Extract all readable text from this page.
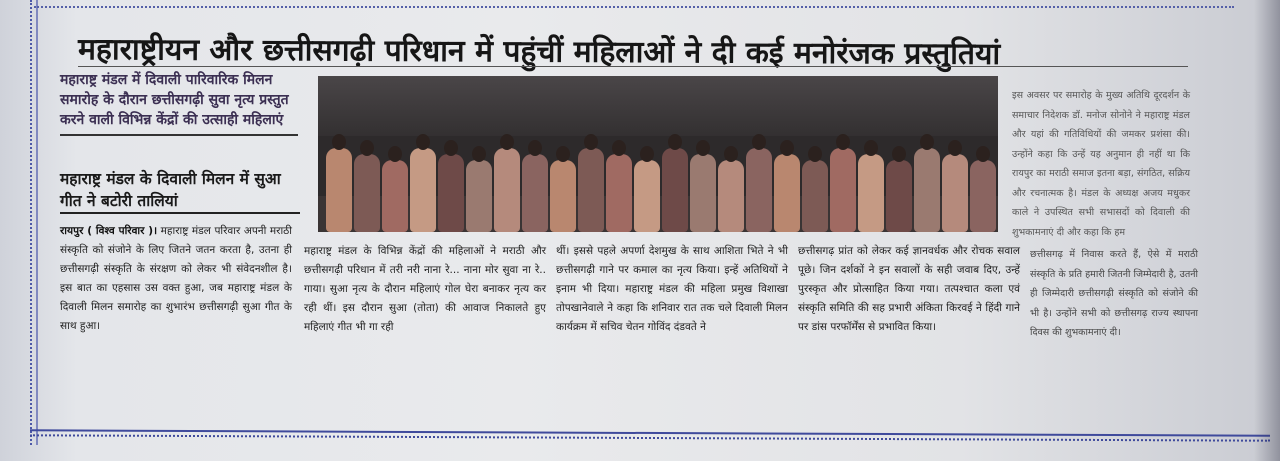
महाराष्ट्रीयन और छत्तीसगढ़ी परिधान में पहुंचीं महिलाओं ने दी कई मनोरंजक प्रस्तुतियां
महाराष्ट्र मंडल में दिवाली पारिवारिक मिलन समारोह के दौरान छत्तीसगढ़ी सुवा नृत्य प्रस्तुत करने वाली विभिन्न केंद्रों की उत्साही महिलाएं
महाराष्ट्र मंडल के दिवाली मिलन में सुआ गीत ने बटोरी तालियां

रायपुर ( विश्व परिवार )। महाराष्ट्र मंडल परिवार अपनी मराठी संस्कृति को संजोने के लिए जितने जतन करता है, उतना ही छत्तीसगढ़ी संस्कृति के संरक्षण को लेकर भी संवेदनशील है। इस बात का एहसास उस वक्त हुआ, जब महाराष्ट्र मंडल के दिवाली मिलन समारोह का शुभारंभ छत्तीसगढ़ी सुआ गीत के साथ हुआ।

महाराष्ट्र मंडल के विभिन्न केंद्रों की महिलाओं ने मराठी और छत्तीसगढ़ी परिधान में तरी नरी नाना रे... नाना मोर सुवा ना रे.. गाया। सुआ नृत्य के दौरान महिलाएं गोल घेरा बनाकर नृत्य कर रही थीं। इस दौरान सुआ (तोता) की आवाज निकालते हुए महिलाएं गीत भी गा रही

थीं। इससे पहले अपर्णा देशमुख के साथ आशिता भिते ने भी छत्तीसगढ़ी गाने पर कमाल का नृत्य किया। इन्हें अतिथियों ने इनाम भी दिया। महाराष्ट्र मंडल की महिला प्रमुख विशाखा तोपखानेवाले ने कहा कि शनिवार रात तक चले दिवाली मिलन कार्यक्रम में सचिव चेतन गोविंद दंडवते ने

छत्तीसगढ़ प्रांत को लेकर कई ज्ञानवर्धक और रोचक सवाल पूछे। जिन दर्शकों ने इन सवालों के सही जवाब दिए, उन्हें पुरस्कृत और प्रोत्साहित किया गया। तत्पश्चात कला एवं संस्कृति समिति की सह प्रभारी अंकिता किरवई ने हिंदी गाने पर डांस परफॉर्मेंस से प्रभावित किया।

इस अवसर पर समारोह के मुख्य अतिथि दूरदर्शन के समाचार निदेशक डॉ. मनोज सोनोने ने महाराष्ट्र मंडल और यहां की गतिविधियों की जमकर प्रशंसा की। उन्होंने कहा कि उन्हें यह अनुमान ही नहीं था कि रायपुर का मराठी समाज इतना बड़ा, संगठित, सक्रिय और रचनात्मक है। मंडल के अध्यक्ष अजय मधुकर काले ने उपस्थित सभी सभासदों को दिवाली की शुभकामनाएं दी और कहा कि हम

छत्तीसगढ़ में निवास करते हैं, ऐसे में मराठी संस्कृति के प्रति हमारी जितनी जिम्मेदारी है, उतनी ही जिम्मेदारी छत्तीसगढ़ी संस्कृति को संजोने की भी है। उन्होंने सभी को छत्तीसगढ़ राज्य स्थापना दिवस की शुभकामनाएं दी।
